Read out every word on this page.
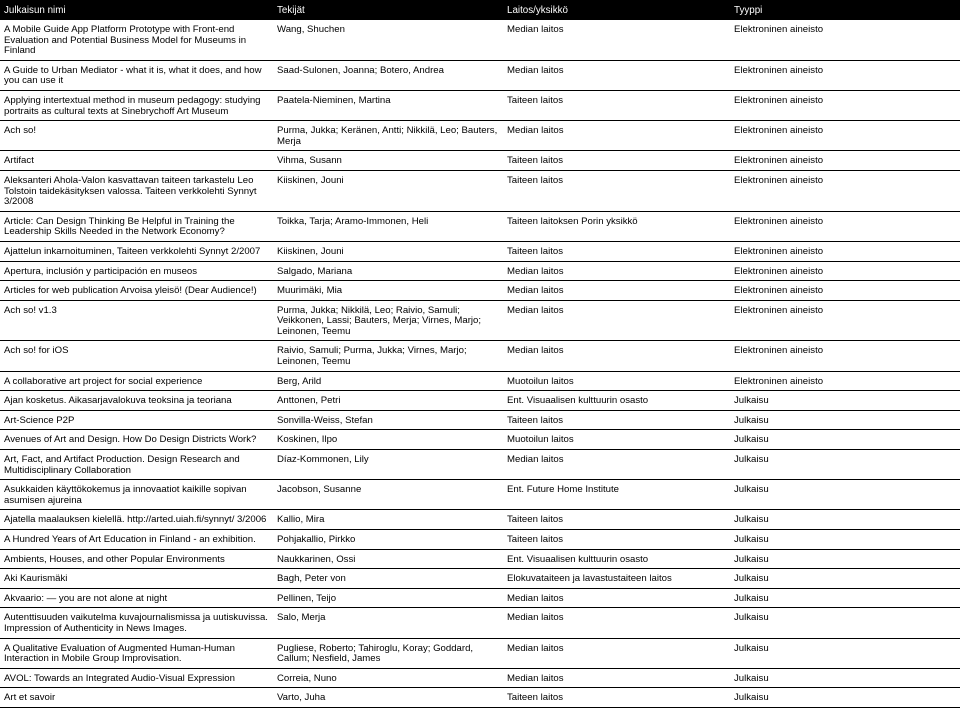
Julkaisun nimi	Tekijät	Laitos/yksikkö	Tyyppi
A Mobile Guide App Platform Prototype with Front-end Evaluation and Potential Business Model for Museums in Finland	Wang, Shuchen	Median laitos	Elektroninen aineisto
A Guide to Urban Mediator - what it is, what it does, and how you can use it	Saad-Sulonen, Joanna; Botero, Andrea	Median laitos	Elektroninen aineisto
Applying intertextual method in museum pedagogy: studying portraits as cultural texts at Sinebrychoff Art Museum	Paatela-Nieminen, Martina	Taiteen laitos	Elektroninen aineisto
Ach so!	Purma, Jukka; Keränen, Antti; Nikkilä, Leo; Bauters, Merja	Median laitos	Elektroninen aineisto
Artifact	Vihma, Susann	Taiteen laitos	Elektroninen aineisto
Aleksanteri Ahola-Valon kasvattavan taiteen tarkastelu Leo Tolstoin taidekäsityksen valossa. Taiteen verkkolehti Synnyt 3/2008	Kiiskinen, Jouni	Taiteen laitos	Elektroninen aineisto
Article: Can Design Thinking Be Helpful in Training the Leadership Skills Needed in the Network Economy?	Toikka, Tarja; Aramo-Immonen, Heli	Taiteen laitoksen Porin yksikkö	Elektroninen aineisto
Ajattelun inkarnoituminen, Taiteen verkkolehti Synnyt 2/2007	Kiiskinen, Jouni	Taiteen laitos	Elektroninen aineisto
Apertura, inclusión y participación en museos	Salgado, Mariana	Median laitos	Elektroninen aineisto
Articles for web publication Arvoisa yleisö! (Dear Audience!)	Muurimäki, Mia	Median laitos	Elektroninen aineisto
Ach so! v1.3	Purma, Jukka; Nikkilä, Leo; Raivio, Samuli; Veikkonen, Lassi; Bauters, Merja; Virnes, Marjo; Leinonen, Teemu	Median laitos	Elektroninen aineisto
Ach so! for iOS	Raivio, Samuli; Purma, Jukka; Virnes, Marjo; Leinonen, Teemu	Median laitos	Elektroninen aineisto
A collaborative art project for social experience	Berg, Arild	Muotoilun laitos	Elektroninen aineisto
Ajan kosketus. Aikasarjavalokuva teoksina ja teoriana	Anttonen, Petri	Ent. Visuaalisen kulttuurin osasto	Julkaisu
Art-Science P2P	Sonvilla-Weiss, Stefan	Taiteen laitos	Julkaisu
Avenues of Art and Design. How Do Design Districts Work?	Koskinen, Ilpo	Muotoilun laitos	Julkaisu
Art, Fact, and Artifact Production. Design Research and Multidisciplinary Collaboration	Díaz-Kommonen, Lily	Median laitos	Julkaisu
Asukkaiden käyttökokemus ja innovaatiot kaikille sopivan asumisen ajureina	Jacobson, Susanne	Ent. Future Home Institute	Julkaisu
Ajatella maalauksen kielellä. http://arted.uiah.fi/synnyt/ 3/2006	Kallio, Mira	Taiteen laitos	Julkaisu
A Hundred Years of Art Education in Finland - an exhibition.	Pohjakallio, Pirkko	Taiteen laitos	Julkaisu
Ambients, Houses, and other Popular Environments	Naukkarinen, Ossi	Ent. Visuaalisen kulttuurin osasto	Julkaisu
Aki Kaurismäki	Bagh, Peter von	Elokuvataiteen ja lavastustaiteen laitos	Julkaisu
Akvaario: — you are not alone at night	Pellinen, Teijo	Median laitos	Julkaisu
Autenttisuuden vaikutelma kuvajournalismissa ja uutiskuvissa. Impression of Authenticity in News Images.	Salo, Merja	Median laitos	Julkaisu
A Qualitative Evaluation of Augmented Human-Human Interaction in Mobile Group Improvisation.	Pugliese, Roberto; Tahiroglu, Koray; Goddard, Callum; Nesfield, James	Median laitos	Julkaisu
AVOL: Towards an Integrated Audio-Visual Expression	Correia, Nuno	Median laitos	Julkaisu
Art et savoir	Varto, Juha	Taiteen laitos	Julkaisu
